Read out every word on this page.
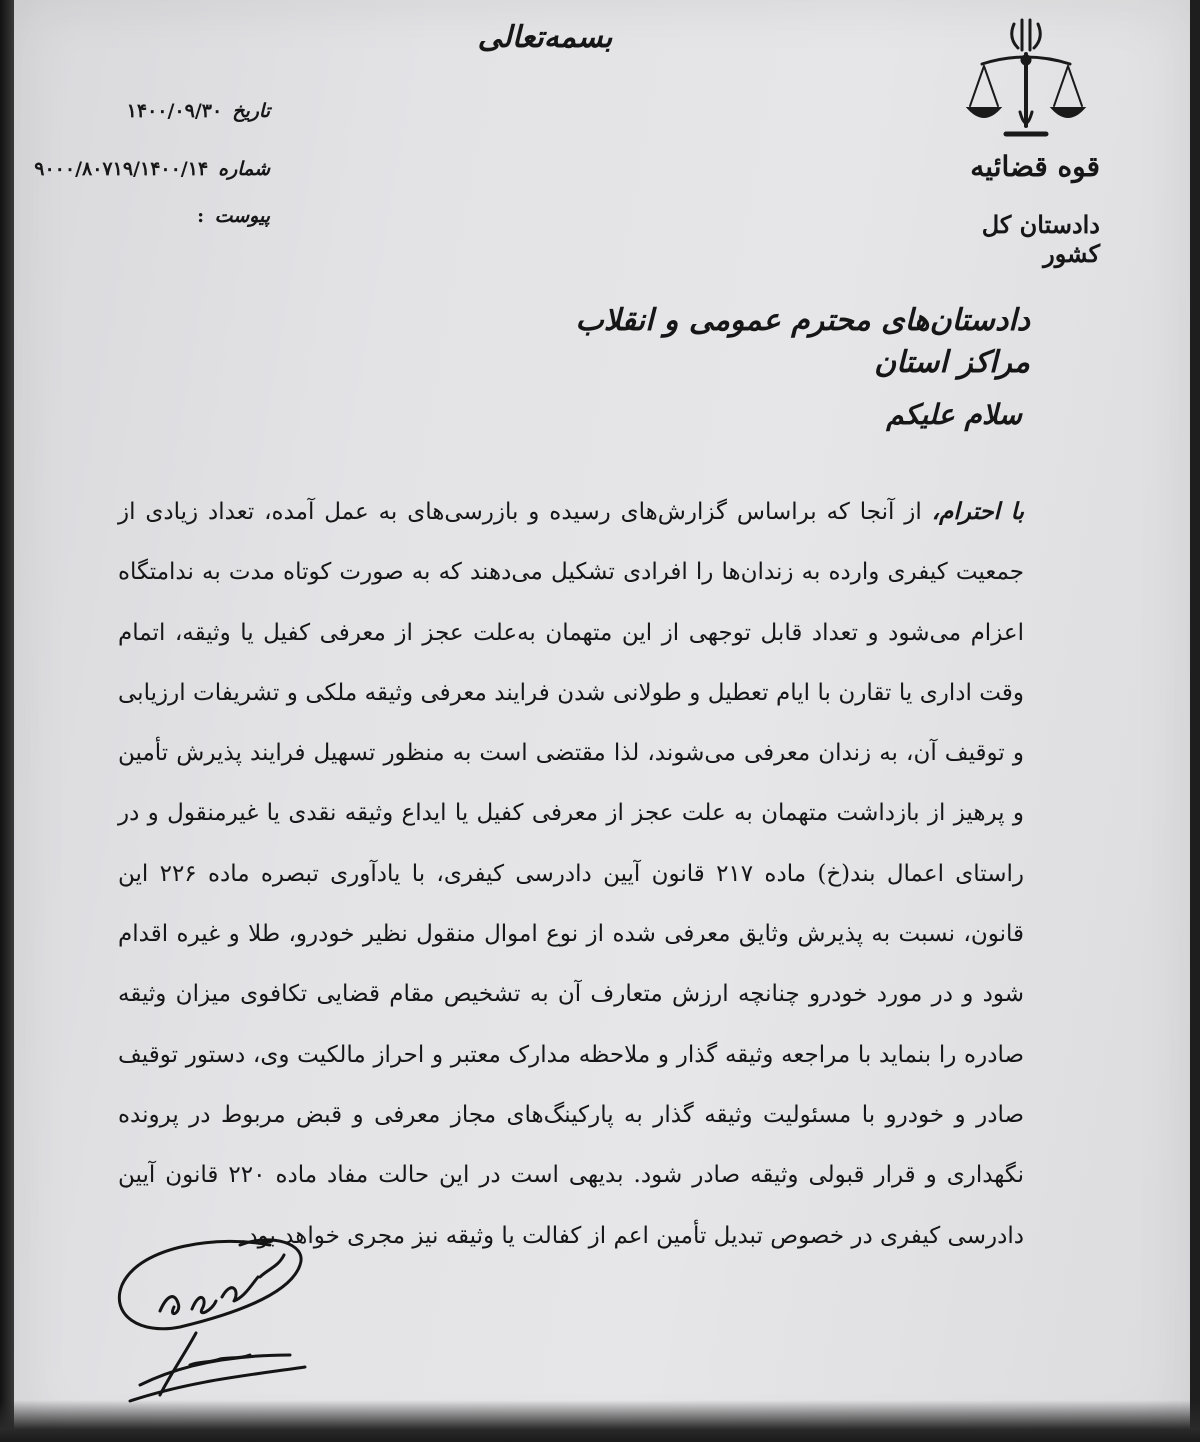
بسمه‌تعالی
قوه قضائیه
دادستان کل کشور
تاریخ
۱۴۰۰/۰۹/۳۰
شماره
۹۰۰۰/۸۰۷۱۹/۱۴۰۰/۱۴
پیوست
:
دادستان‌های محترم عمومی و انقلاب مراکز استان
سلام علیکم
با احترام، از آنجا که براساس گزارش‌های رسیده و بازرسی‌های به عمل آمده، تعداد زیادی از جمعیت کیفری وارده به زندان‌ها را افرادی تشکیل می‌دهند که به صورت کوتاه مدت به ندامتگاه اعزام می‌شود و تعداد قابل توجهی از این متهمان به‌علت عجز از معرفی کفیل یا وثیقه، اتمام وقت اداری یا تقارن با ایام تعطیل و طولانی شدن فرایند معرفی وثیقه ملکی و تشریفات ارزیابی و توقیف آن، به زندان معرفی می‌شوند، لذا مقتضی است به منظور تسهیل فرایند پذیرش تأمین و پرهیز از بازداشت متهمان به علت عجز از معرفی کفیل یا ایداع وثیقه نقدی یا غیرمنقول و در راستای اعمال بند(خ) ماده ۲۱۷ قانون آیین دادرسی کیفری، با یادآوری تبصره ماده ۲۲۶ این قانون، نسبت به پذیرش وثایق معرفی شده از نوع اموال منقول نظیر خودرو، طلا و غیره اقدام شود و در مورد خودرو چنانچه ارزش متعارف آن به تشخیص مقام قضایی تکافوی میزان وثیقه صادره را بنماید با مراجعه وثیقه گذار و ملاحظه مدارک معتبر و احراز مالکیت وی، دستور توقیف صادر و خودرو با مسئولیت وثیقه گذار به پارکینگ‌های مجاز معرفی و قبض مربوط در پرونده نگهداری و قرار قبولی وثیقه صادر شود. بدیهی است در این حالت مفاد ماده ۲۲۰ قانون آیین دادرسی کیفری در خصوص تبدیل تأمین اعم از کفالت یا وثیقه نیز مجری خواهد بود.
